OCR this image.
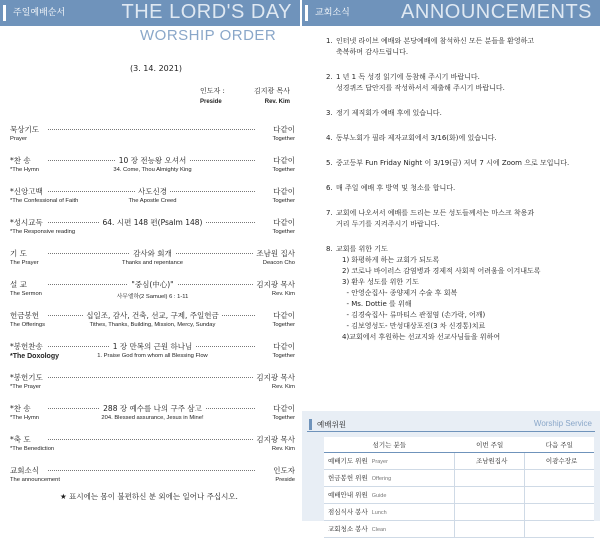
주일예배순서	THE LORD'S DAY
WORSHIP ORDER
(3. 14. 2021)
인도자 :	김지광 목사
Preside	Rev. Kim
묵상기도	다같이
Prayer	Together
*찬 송	10 장 전능왕 오셔서	다같이
*The Hymn	34. Come, Thou Almighty King	Together
*신앙고백	사도신경	다같이
*The Confessional of Faith	The Apostle Creed	Together
*성시교독	64. 시편 148 편(Psalm 148)	다같이
*The Responsive reading	Together
기 도	감사와 회개	조남원 집사
The Prayer	Thanks and repentance	Deacon Cho
설 교	"중심(中心)"	김지광 목사
The Sermon	사무엘하(2 Samuel) 6 : 1-11	Rev. Kim
헌금봉헌	십일조, 감사, 건축, 선교, 구제, 주일헌금	다같이
The Offerings	Tithes, Thanks, Building, Mission, Mercy, Sunday	Together
*봉헌찬송	1 장 만복의 근원 하나님	다같이
*The Doxology	1. Praise God from whom all Blessing Flow	Together
*봉헌기도	김지광 목사
*The Prayer	Rev. Kim
*찬 송	288 장 예수를 나의 구주 삼고	다같이
*The Hymn	204. Blessed assurance, Jesus in Mine!	Together
*축 도	김지광 목사
*The Benediction	Rev. Kim
교회소식	인도자
The announcement	Preside
★ 표시에는 몸이 불편하신 분 외에는 일어나 주십시오.
교회소식	ANNOUNCEMENTS
1. 인터넷 라이브 예배와 본당예배에 참석하신 모든 분들을 환영하고
축복하며 감사드립니다.
2. 1 년 1 독 성경 읽기에 동참해 주시기 바랍니다.
성경퀴즈 답안지를 작성하셔서 제출해 주시기 바랍니다.
3. 정기 제직회가 예배 후에 있습니다.
4. 동부노회가 필라 제자교회에서 3/16(화)에 있습니다.
5. 중고등부 Fun Friday Night 이 3/19(금) 저녁 7 시에 Zoom 으로 모입니다.
6. 매 주일 예배 후 방역 및 청소를 합니다.
7. 교회에 나오셔서 예배를 드리는 모든 성도들께서는 마스크 착용과
거리 두기를 지켜주시기 바랍니다.
8. 교회를 위한 기도
1) 화평하게 하는 교회가 되도록
2) 코로나 바이러스 감염병과 경제적 사회적 어려움을 이겨내도록
3) 환우 성도를 위한 기도
- 안영순집사- 종양제거 수술 후 회복
- Ms. Dottie 를 위해
- 김경숙집사- 류마티스 관절염 (손가락, 어깨)
- 김보영성도- 만성대상포진(3 차 신경통)치료
4)교회에서 후원하는 선교지와 선교사님들을 위하여
예배위원	Worship Service
섬기는 분들	이번 주일	다음 주일
예배기도 위원 Prayer	조남원집사	이광수장로
헌금봉헌 위원 Offering		
예배안내 위원 Guide		
점심식사 봉사 Lunch		
교회청소 봉사 Clean		
